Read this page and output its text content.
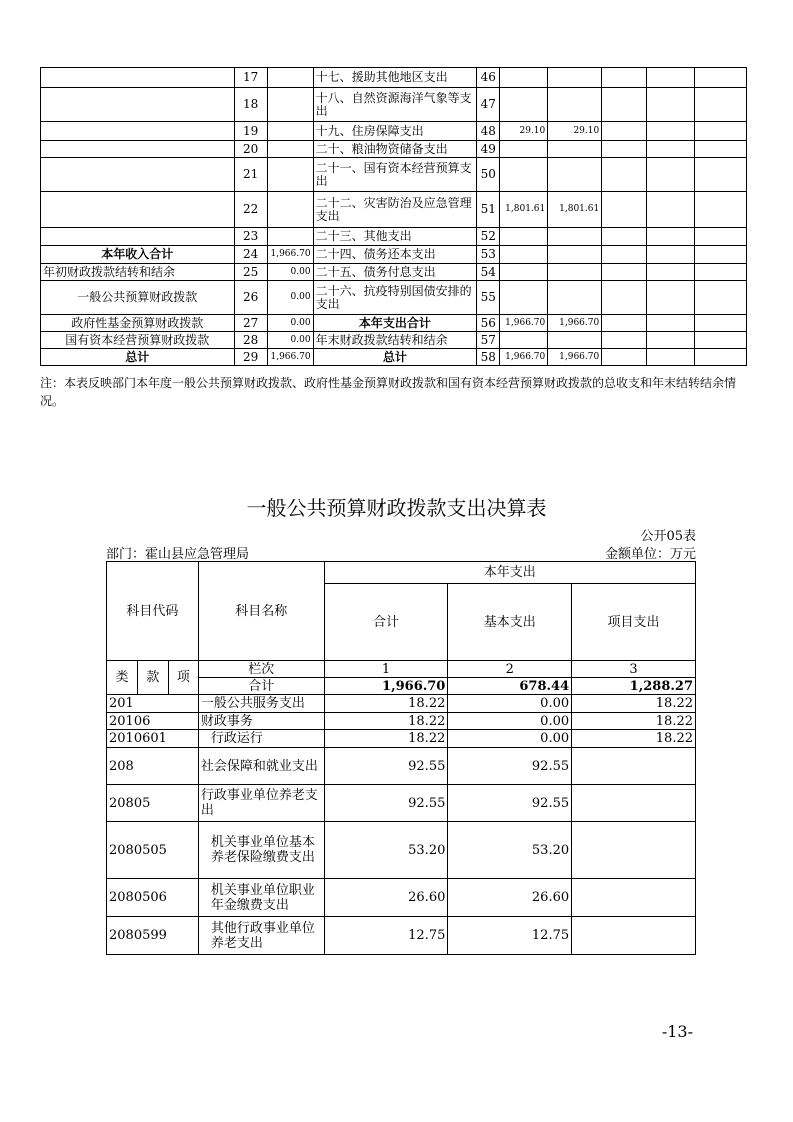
	17		十七、援助其他地区支出	46					
	18		十八、自然资源海洋气象等支出	47					
	19		十九、住房保障支出	48	29.10	29.10			
	20		二十、粮油物资储备支出	49					
	21		二十一、国有资本经营预算支出	50					
	22		二十二、灾害防治及应急管理支出	51	1,801.61	1,801.61			
	23		二十三、其他支出	52					
本年收入合计	24	1,966.70	二十四、债务还本支出	53					
年初财政拨款结转和结余	25	0.00	二十五、债务付息支出	54					
一般公共预算财政拨款	26	0.00	二十六、抗疫特别国债安排的支出	55					
政府性基金预算财政拨款	27	0.00	本年支出合计	56	1,966.70	1,966.70			
国有资本经营预算财政拨款	28	0.00	年末财政拨款结转和结余	57					
总计	29	1,966.70	总计	58	1,966.70	1,966.70			
注：本表反映部门本年度一般公共预算财政拨款、政府性基金预算财政拨款和国有资本经营预算财政拨款的总收支和年末结转结余情况。
一般公共预算财政拨款支出决算表
公开05表
部门：霍山县应急管理局	金额单位：万元
科目代码			科目名称	本年支出		
				合计	基本支出	项目支出
类	款	项	栏次	1	2	3
			合计	1,966.70	678.44	1,288.27
201			一般公共服务支出	18.22	0.00	18.22
20106			财政事务	18.22	0.00	18.22
2010601			行政运行	18.22	0.00	18.22
208			社会保障和就业支出	92.55	92.55	
20805			行政事业单位养老支出	92.55	92.55	
2080505			机关事业单位基本养老保险缴费支出	53.20	53.20	
2080506			机关事业单位职业年金缴费支出	26.60	26.60	
2080599			其他行政事业单位养老支出	12.75	12.75	
-13-
